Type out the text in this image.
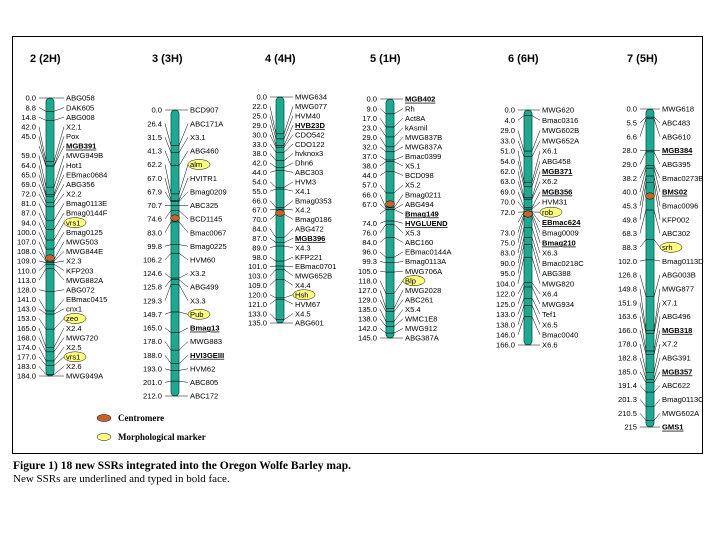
2 (2H)
0.0	ABG058
8.8	DAK605
14.8	ABG008
42.0	X2.1
45.0	Pox
MGB391
59.0	MWG949B
64.0	Hot1
65.0	EBmac0684
69.0	ABG356
72.0	X2.2
81.0	Bmag0113E
87.0	Bmag0144F
94.0	vrs1
100.0	Bmag0125
107.0	MWG503
108.0	MWG844E
109.0	X2.3
110.0	KFP203
113.0	MWG882A
128.0	ABG072
141.0	EBmac0415
143.0	cnx1
153.0	zeo
165.0	X2.4
168.0	MWG720
174.0	X2.5
177.0	vrs1
183.0	X2.6
184.0	MWG949A
3 (3H)
0.0	BCD907
26.4	ABC171A
31.5	X3.1
41.3	ABG460
62.2	alm
67.0	HVITR1
67.9	Bmag0209
70.7	ABC325
74.6	BCD1145
83.0	Bmac0067
99.8	Bmag0225
106.2	HVM60
124.6	X3.2
125.8	ABG499
129.3	X3.3
149.7	Pub
165.0	Bmag13
178.0	MWG883
188.0	HVI3GEIII
193.0	HVM62
201.0	ABC805
212.0	ABC172
4 (4H)
0.0	MWG634
22.0	MWG077
25.0	HVM40
29.0	HVB23D
30.0	CDO542
33.0	CDO122
38.0	hvknox3
42.0	Dhn6
44.0	ABC303
54.0	HVM3
55.0	X4.1
66.0	Bmag0353
67.0	X4.2
70.0	Bmag0186
84.0	ABG472
87.0	MGB396
89.0	X4.3
98.0	KFP221
101.0	EBmac0701
103.0	MWG652B
109.0	X4.4
120.0	Hsh
121.0	HVM67
133.0	X4.5
135.0	ABG601
5 (1H)
0.0	MGB402
9.0	Rh
17.0	Act8A
23.0	kAsmil
29.0	MWG837B
32.0	MWG837A
37.0	Bmac0399
38.0	X5.1
44.0	BCD098
57.0	X5.2
66.0	Bmag0211
67.0	ABG494
Bmag149
74.0	HVGLUEND
76.0	X5.3
84.0	ABC160
96.0	EBmac0144A
99.3	Bmag0113A
105.0	MWG706A
118.0	Blp
127.0	MWG2028
129.0	ABC261
135.0	X5.4
138.0	WMC1E8
142.0	MWG912
145.0	ABG387A
6 (6H)
0.0	MWG620
4.0	Bmac0316
29.0	MWG602B
33.0	MWG652A
51.0	X6.1
54.0	ABG458
62.0	MGB371
63.0	X6.2
69.0	MGB356
70.0	HVM31
72.0	rob
EBmac624
73.0	Bmag0009
75.0	Bmag210
83.0	X6.3
90.0	Bmac0218C
95.0	ABG388
104.0	MWG820
122.0	X6.4
125.0	MWG934
133.0	Tef1
138.0	X6.5
146.0	Bmac0040
166.0	X6.6
7 (5H)
0.0	MWG618
5.5	ABC483
6.6	ABG610
28.0	MGB384
29.0	ABG395
38.2	Bmac0273B
40.0	BMS02
45.3	Bmac0096
49.8	KFP002
68.3	ABC302
88.3	srh
102.0	Bmag0113D
126.8	ABG003B
149.8	MWG877
151.9	X7.1
163.6	ABG496
166.0	MGB318
178.0	X7.2
182.8	ABG391
185.0	MGB357
191.4	ABC622
201.3	Bmag0113C
210.5	MWG602A
215	GMS1
Centromere
Morphological marker

Figure 1) 18 new SSRs integrated into the Oregon Wolfe Barley map.

New SSRs are underlined and typed in bold face.
